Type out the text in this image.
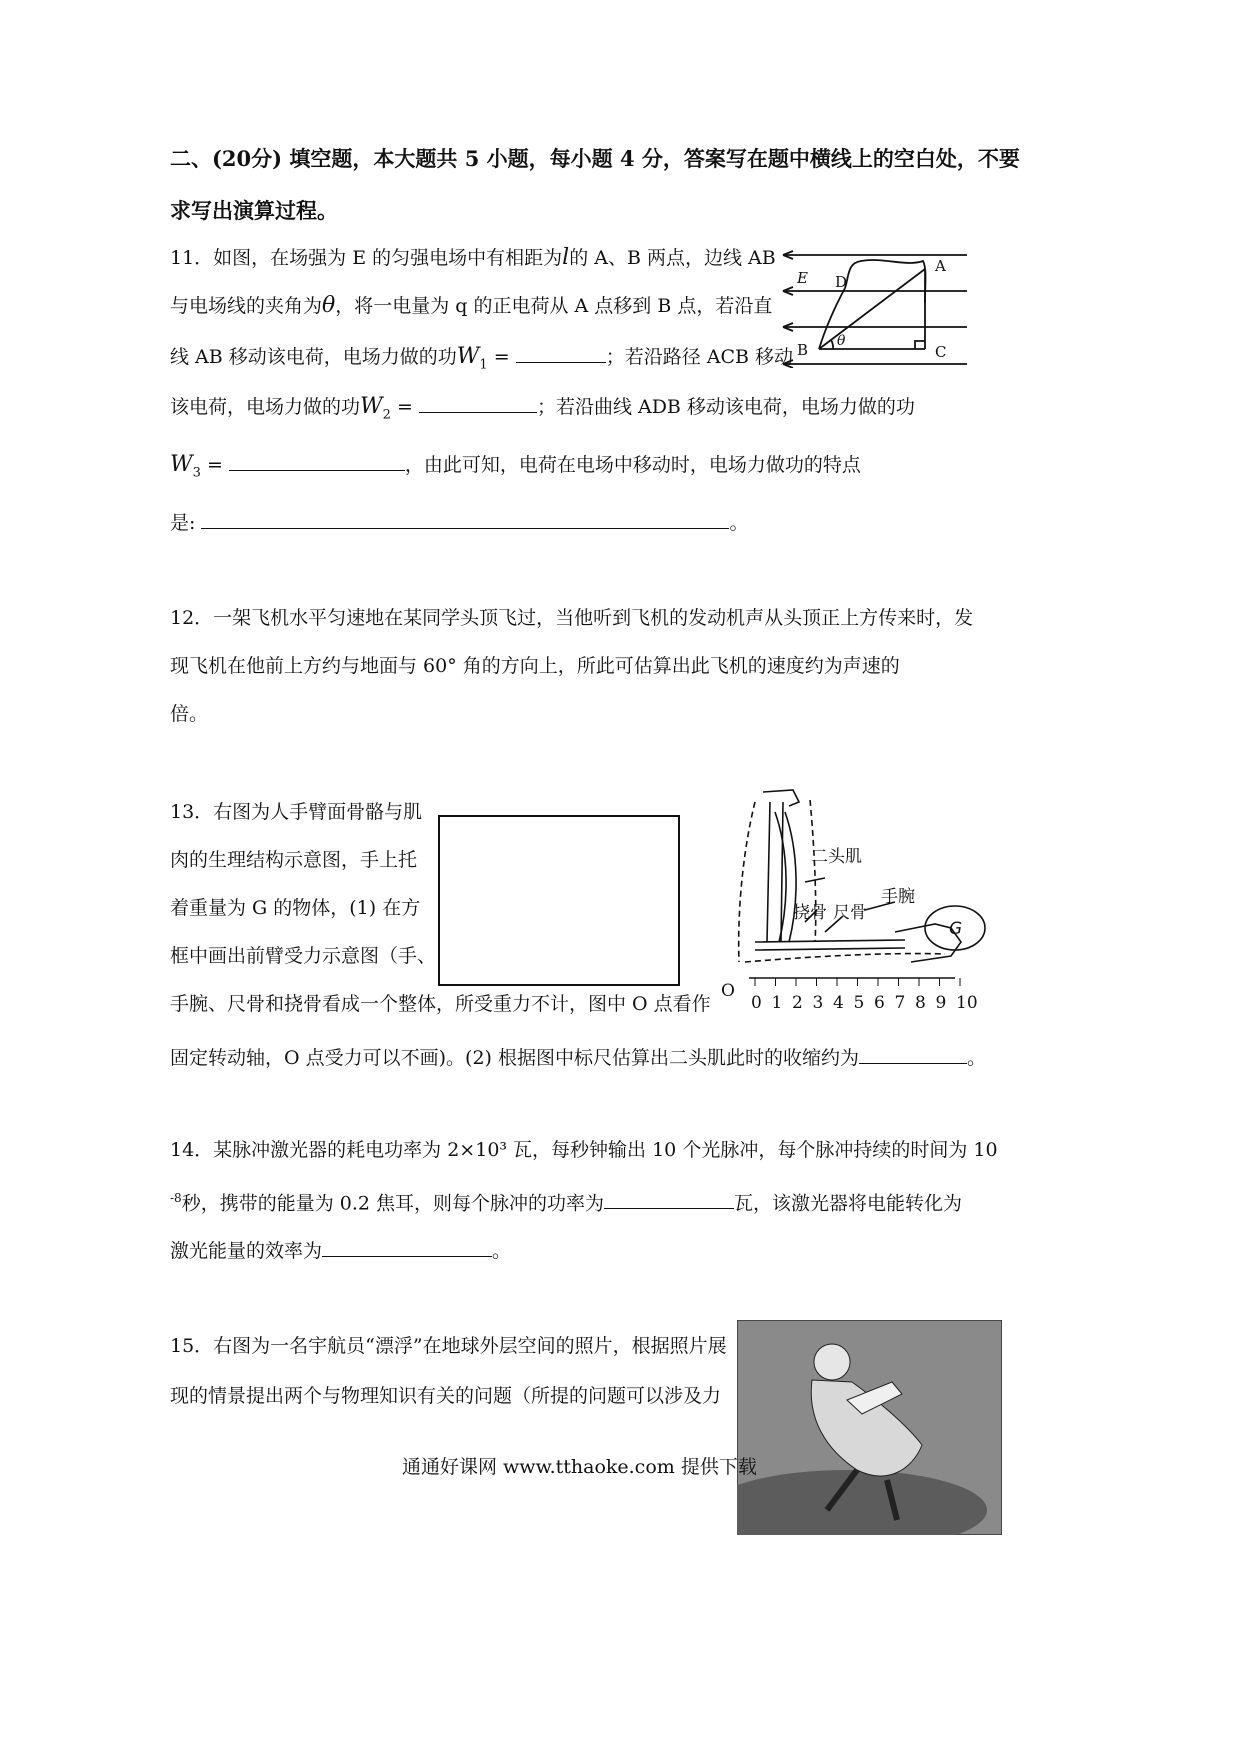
二、(20分) 填空题，本大题共 5 小题，每小题 4 分，答案写在题中横线上的空白处，不要
求写出演算过程。
11．如图，在场强为 E 的匀强电场中有相距为l的 A、B 两点，边线 AB
与电场线的夹角为θ，将一电量为 q 的正电荷从 A 点移到 B 点，若沿直
线 AB 移动该电荷，电场力做的功$W_1$ =	；若沿路径 ACB 移动
该电荷，电场力做的功$W_2$ =	；若沿曲线 ADB 移动该电荷，电场力做的功
$W_3$ =	，由此可知，电荷在电场中移动时，电场力做功的特点
是:	。
E D
A
B	C
θ
12．一架飞机水平匀速地在某同学头顶飞过，当他听到飞机的发动机声从头顶正上方传来时，发
现飞机在他前上方约与地面与 60° 角的方向上，所此可估算出此飞机的速度约为声速的
倍。
13．右图为人手臂面骨骼与肌
肉的生理结构示意图，手上托
着重量为 G 的物体，(1) 在方
框中画出前臂受力示意图（手、
手腕、尺骨和挠骨看成一个整体，所受重力不计，图中 O 点看作
固定转动轴，O 点受力可以不画)。(2) 根据图中标尺估算出二头肌此时的收缩约为	。
二头肌
手腕
挠骨 尺骨
G
O
0 1 2 3 4 5 6 7 8 9 10
14．某脉冲激光器的耗电功率为 2×10³ 瓦，每秒钟输出 10 个光脉冲，每个脉冲持续的时间为 10
$^{-8}$秒，携带的能量为 0.2 焦耳，则每个脉冲的功率为	瓦，该激光器将电能转化为
激光能量的效率为	。
15．右图为一名宇航员“漂浮”在地球外层空间的照片，根据照片展
现的情景提出两个与物理知识有关的问题（所提的问题可以涉及力
通通好课网 www.tthaoke.com 提供下载
